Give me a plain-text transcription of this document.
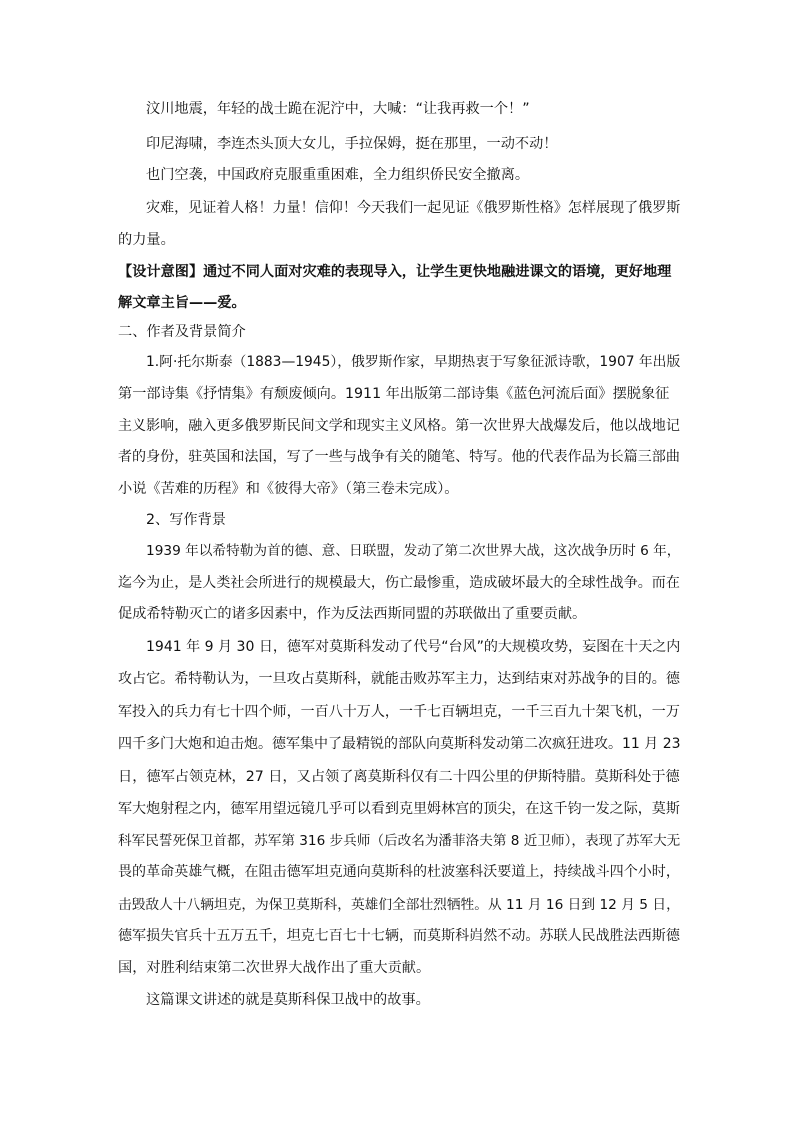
汶川地震，年轻的战士跪在泥泞中，大喊：“让我再救一个！”
印尼海啸，李连杰头顶大女儿，手拉保姆，挺在那里，一动不动！
也门空袭，中国政府克服重重困难，全力组织侨民安全撤离。
灾难，见证着人格！力量！信仰！今天我们一起见证《俄罗斯性格》怎样展现了俄罗斯
的力量。
【设计意图】通过不同人面对灾难的表现导入，让学生更快地融进课文的语境，更好地理
解文章主旨——爱。
二、作者及背景简介
1.阿·托尔斯泰（1883—1945），俄罗斯作家，早期热衷于写象征派诗歌，1907 年出版
第一部诗集《抒情集》有颓废倾向。1911 年出版第二部诗集《蓝色河流后面》摆脱象征
主义影响，融入更多俄罗斯民间文学和现实主义风格。第一次世界大战爆发后，他以战地记
者的身份，驻英国和法国，写了一些与战争有关的随笔、特写。他的代表作品为长篇三部曲
小说《苦难的历程》和《彼得大帝》（第三卷未完成）。
2、写作背景
1939 年以希特勒为首的德、意、日联盟，发动了第二次世界大战，这次战争历时 6 年，
迄今为止，是人类社会所进行的规模最大，伤亡最惨重，造成破坏最大的全球性战争。而在
促成希特勒灭亡的诸多因素中，作为反法西斯同盟的苏联做出了重要贡献。
1941 年 9 月 30 日，德军对莫斯科发动了代号“台风”的大规模攻势，妄图在十天之内
攻占它。希特勒认为，一旦攻占莫斯科，就能击败苏军主力，达到结束对苏战争的目的。德
军投入的兵力有七十四个师，一百八十万人，一千七百辆坦克，一千三百九十架飞机，一万
四千多门大炮和迫击炮。德军集中了最精锐的部队向莫斯科发动第二次疯狂进攻。11 月 23
日，德军占领克林，27 日，又占领了离莫斯科仅有二十四公里的伊斯特腊。莫斯科处于德
军大炮射程之内，德军用望远镜几乎可以看到克里姆林宫的顶尖，在这千钧一发之际，莫斯
科军民誓死保卫首都，苏军第 316 步兵师（后改名为潘菲洛夫第 8 近卫师），表现了苏军大无
畏的革命英雄气概，在阻击德军坦克通向莫斯科的杜波塞科沃要道上，持续战斗四个小时，
击毁敌人十八辆坦克，为保卫莫斯科，英雄们全部壮烈牺牲。从 11 月 16 日到 12 月 5 日，
德军损失官兵十五万五千，坦克七百七十七辆，而莫斯科岿然不动。苏联人民战胜法西斯德
国，对胜利结束第二次世界大战作出了重大贡献。
这篇课文讲述的就是莫斯科保卫战中的故事。
